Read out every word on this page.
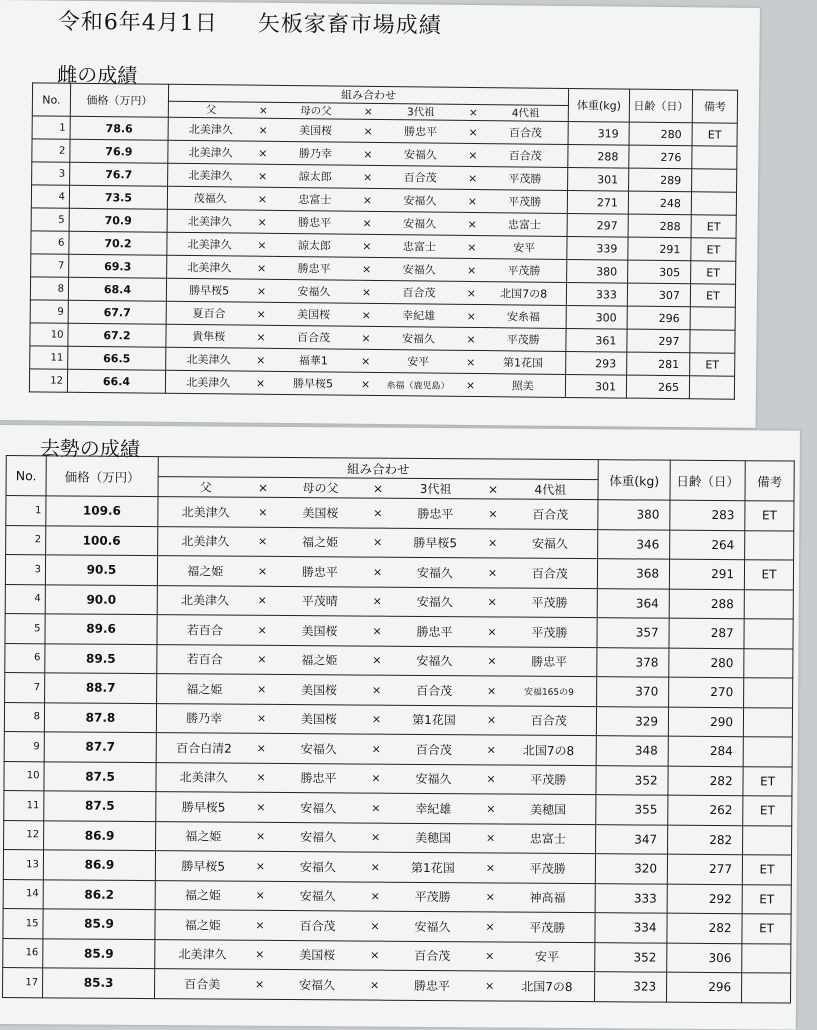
令和6年4月1日 矢板家畜市場成績
雌の成績
No.	価格（万円）	組み合わせ							体重(kg)	日齢（日）	備考
		父	×	母の父	×	3代祖	×	4代祖			
1	78.6	北美津久	×	美国桜	×	勝忠平	×	百合茂	319	280	ET
2	76.9	北美津久	×	勝乃幸	×	安福久	×	百合茂	288	276	
3	76.7	北美津久	×	諒太郎	×	百合茂	×	平茂勝	301	289	
4	73.5	茂福久	×	忠富士	×	安福久	×	平茂勝	271	248	
5	70.9	北美津久	×	勝忠平	×	安福久	×	忠富士	297	288	ET
6	70.2	北美津久	×	諒太郎	×	忠富士	×	安平	339	291	ET
7	69.3	北美津久	×	勝忠平	×	安福久	×	平茂勝	380	305	ET
8	68.4	勝早桜5	×	安福久	×	百合茂	×	北国7の8	333	307	ET
9	67.7	夏百合	×	美国桜	×	幸紀雄	×	安糸福	300	296	
10	67.2	貴隼桜	×	百合茂	×	安福久	×	平茂勝	361	297	
11	66.5	北美津久	×	福華1	×	安平	×	第1花国	293	281	ET
12	66.4	北美津久	×	勝早桜5	×	糸福（鹿児島）	×	照美	301	265	
去勢の成績
No.	価格（万円）	組み合わせ							体重(kg)	日齢（日）	備考
		父	×	母の父	×	3代祖	×	4代祖			
1	109.6	北美津久	×	美国桜	×	勝忠平	×	百合茂	380	283	ET
2	100.6	北美津久	×	福之姫	×	勝早桜5	×	安福久	346	264	
3	90.5	福之姫	×	勝忠平	×	安福久	×	百合茂	368	291	ET
4	90.0	北美津久	×	平茂晴	×	安福久	×	平茂勝	364	288	
5	89.6	若百合	×	美国桜	×	勝忠平	×	平茂勝	357	287	
6	89.5	若百合	×	福之姫	×	安福久	×	勝忠平	378	280	
7	88.7	福之姫	×	美国桜	×	百合茂	×	安福165の9	370	270	
8	87.8	勝乃幸	×	美国桜	×	第1花国	×	百合茂	329	290	
9	87.7	百合白清2	×	安福久	×	百合茂	×	北国7の8	348	284	
10	87.5	北美津久	×	勝忠平	×	安福久	×	平茂勝	352	282	ET
11	87.5	勝早桜5	×	安福久	×	幸紀雄	×	美穂国	355	262	ET
12	86.9	福之姫	×	安福久	×	美穂国	×	忠富士	347	282	
13	86.9	勝早桜5	×	安福久	×	第1花国	×	平茂勝	320	277	ET
14	86.2	福之姫	×	安福久	×	平茂勝	×	神高福	333	292	ET
15	85.9	福之姫	×	百合茂	×	安福久	×	平茂勝	334	282	ET
16	85.9	北美津久	×	美国桜	×	百合茂	×	安平	352	306	
17	85.3	百合美	×	安福久	×	勝忠平	×	北国7の8	323	296	
